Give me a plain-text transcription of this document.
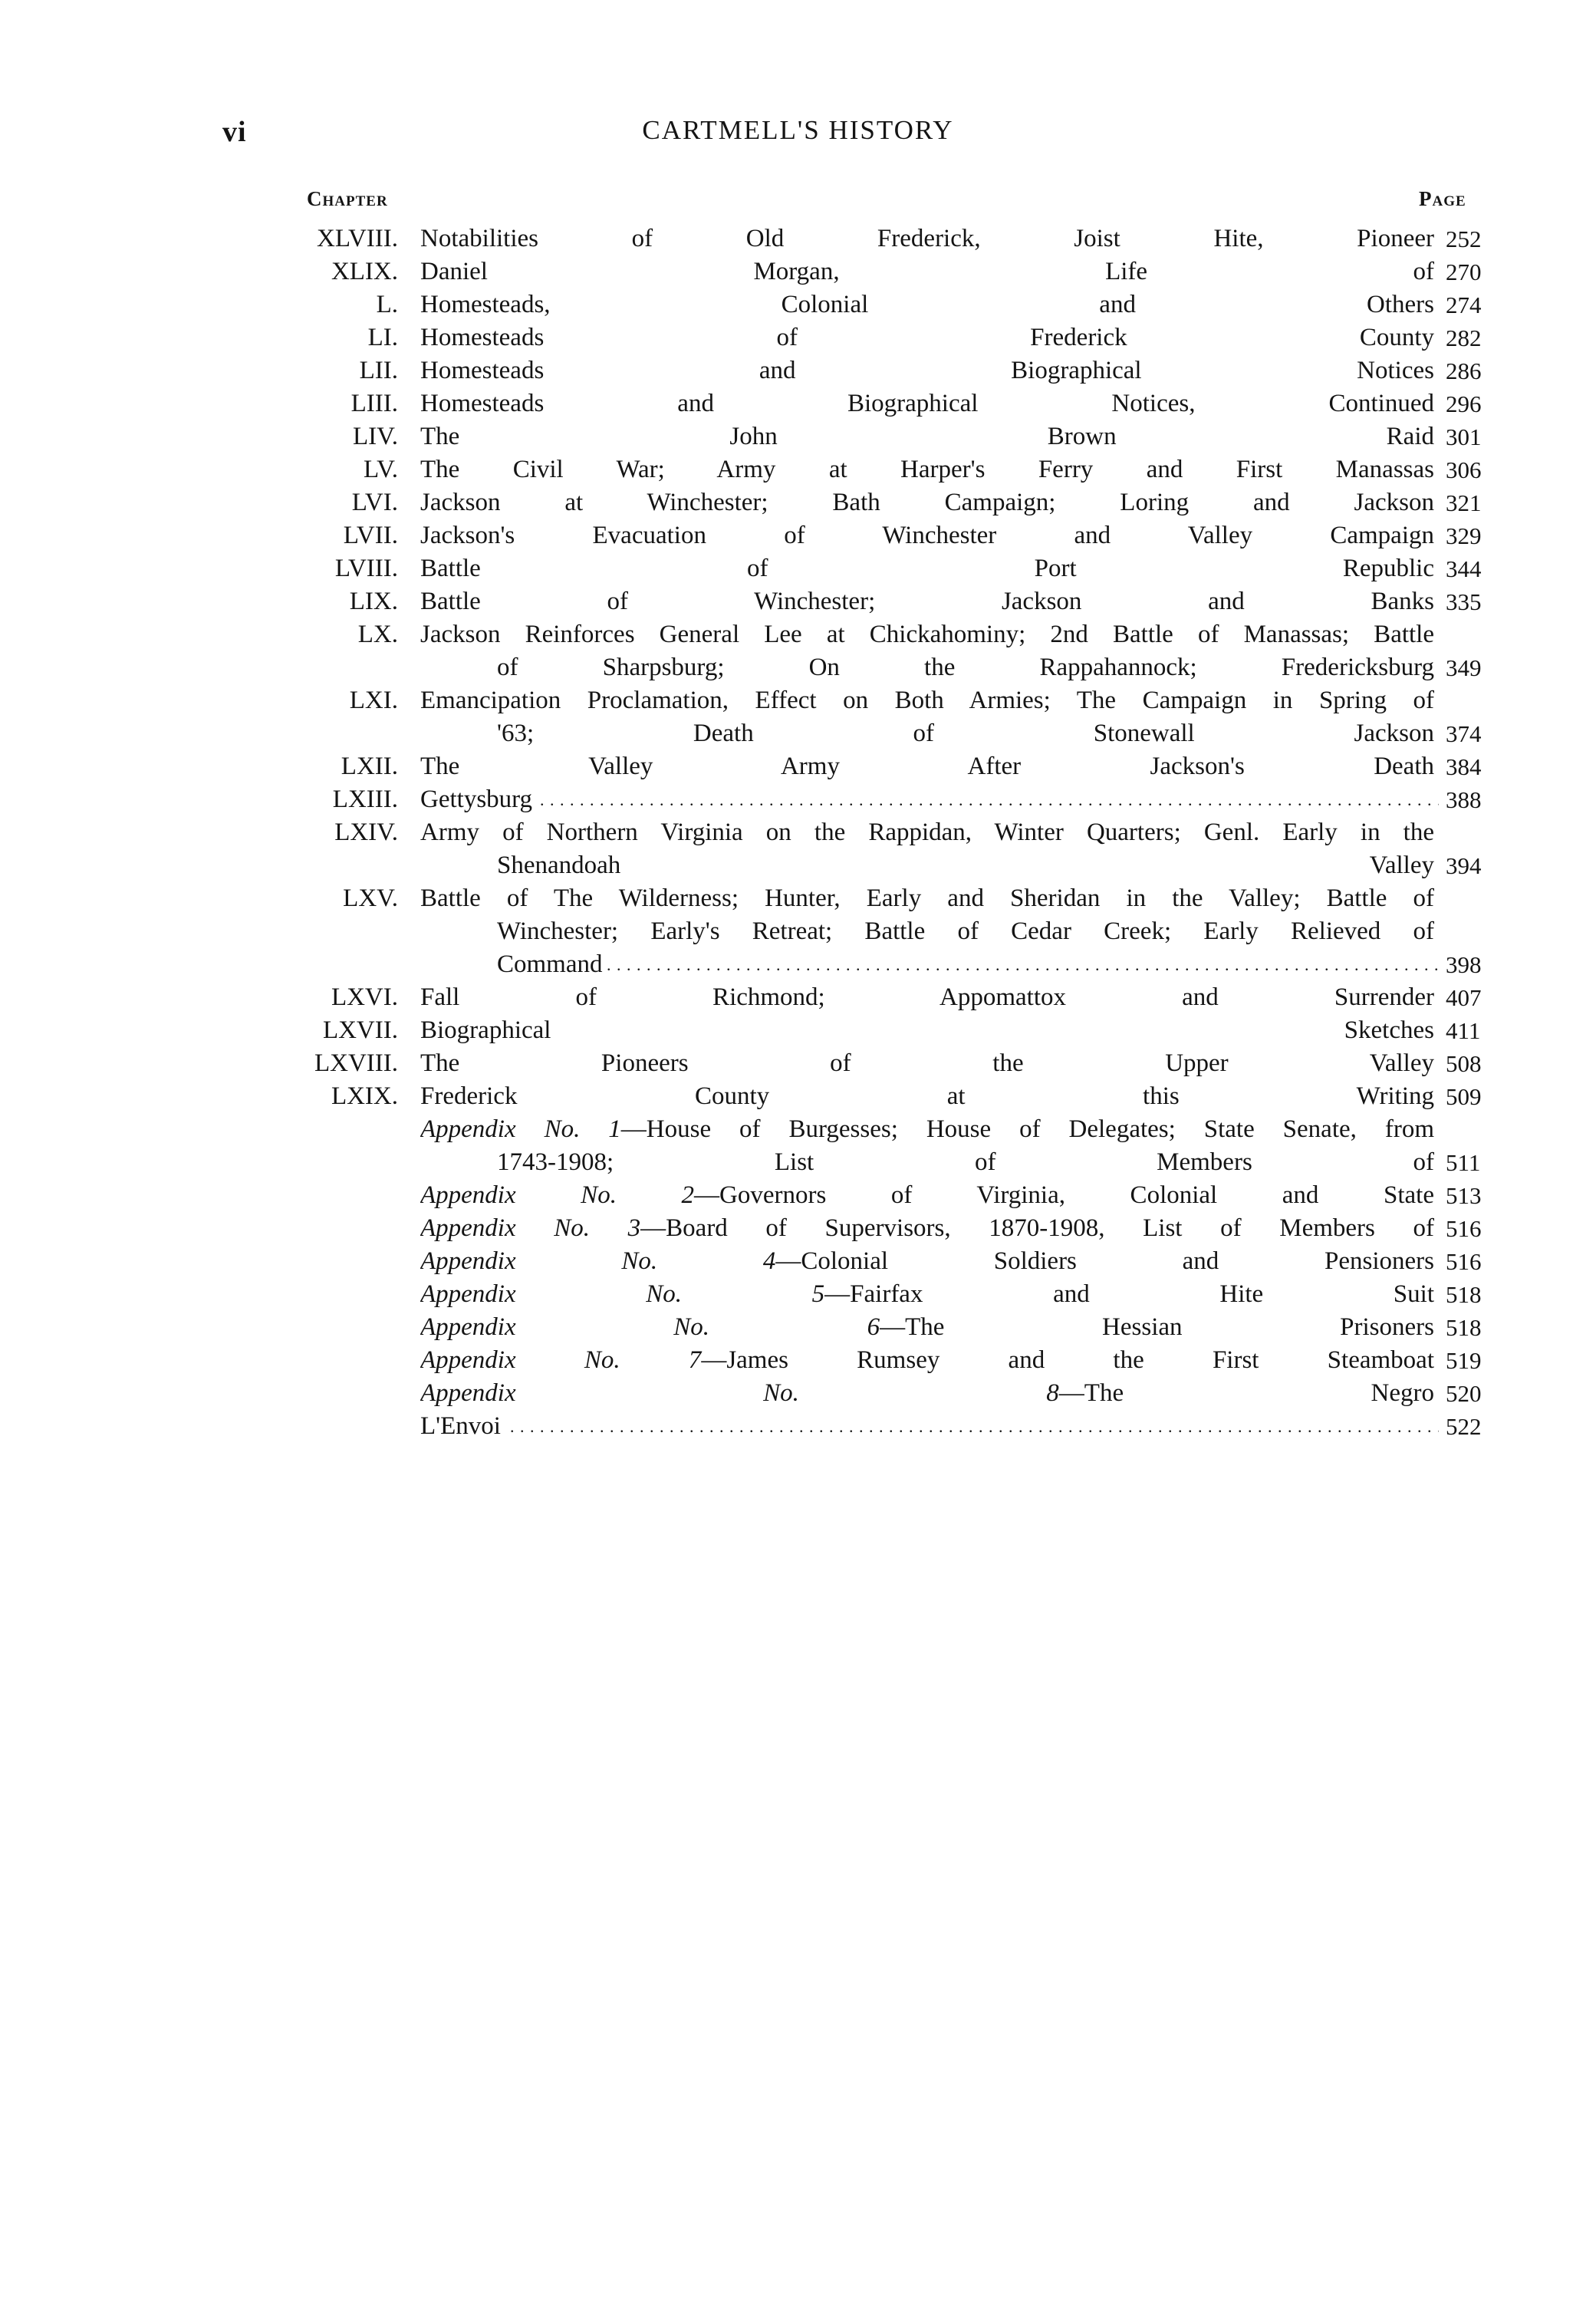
vi	CARTMELL'S HISTORY
Chapter	Page
XLVIII. Notabilities of Old Frederick, Joist Hite, Pioneer . . . 252
XLIX. Daniel Morgan, Life of . . . 270
L. Homesteads, Colonial and Others . . . 274
LI. Homesteads of Frederick County . . . 282
LII. Homesteads and Biographical Notices . . . 286
LIII. Homesteads and Biographical Notices, Continued . . . 296
LIV. The John Brown Raid . . . 301
LV. The Civil War; Army at Harper's Ferry and First Manassas . . . 306
LVI. Jackson at Winchester; Bath Campaign; Loring and Jackson . . . 321
LVII. Jackson's Evacuation of Winchester and Valley Campaign . . . 329
LVIII. Battle of Port Republic . . . 344
LIX. Battle of Winchester; Jackson and Banks . . . 335
LX. Jackson Reinforces General Lee at Chickahominy; 2nd Battle of Manassas; Battle
of Sharpsburg; On the Rappahannock; Fredericksburg . . . 349
LXI. Emancipation Proclamation, Effect on Both Armies; The Campaign in Spring of
'63; Death of Stonewall Jackson . . . 374
LXII. The Valley Army After Jackson's Death . . . 384
LXIII. Gettysburg . . .	388
LXIV. Army of Northern Virginia on the Rappidan, Winter Quarters; Genl. Early in the
Shenandoah Valley . . . 394
LXV. Battle of The Wilderness; Hunter, Early and Sheridan in the Valley; Battle of
Winchester; Early's Retreat; Battle of Cedar Creek; Early Relieved of
Command . . .	398
LXVI. Fall of Richmond; Appomattox and Surrender . . . 407
LXVII. Biographical Sketches . . . 411
LXVIII. The Pioneers of the Upper Valley . . . 508
LXIX. Frederick County at this Writing . . . 509
Appendix No. 1—House of Burgesses; House of Delegates; State Senate, from
1743-1908; List of Members of . . . 511
Appendix No. 2—Governors of Virginia, Colonial and State . . . 513
Appendix No. 3—Board of Supervisors, 1870-1908, List of Members of . . . 516
Appendix No. 4—Colonial Soldiers and Pensioners . . . 516
Appendix No. 5—Fairfax and Hite Suit . . . 518
Appendix No. 6—The Hessian Prisoners . . . 518
Appendix No. 7—James Rumsey and the First Steamboat . . . 519
Appendix No. 8—The Negro . . . 520
L'Envoi . . .	522
